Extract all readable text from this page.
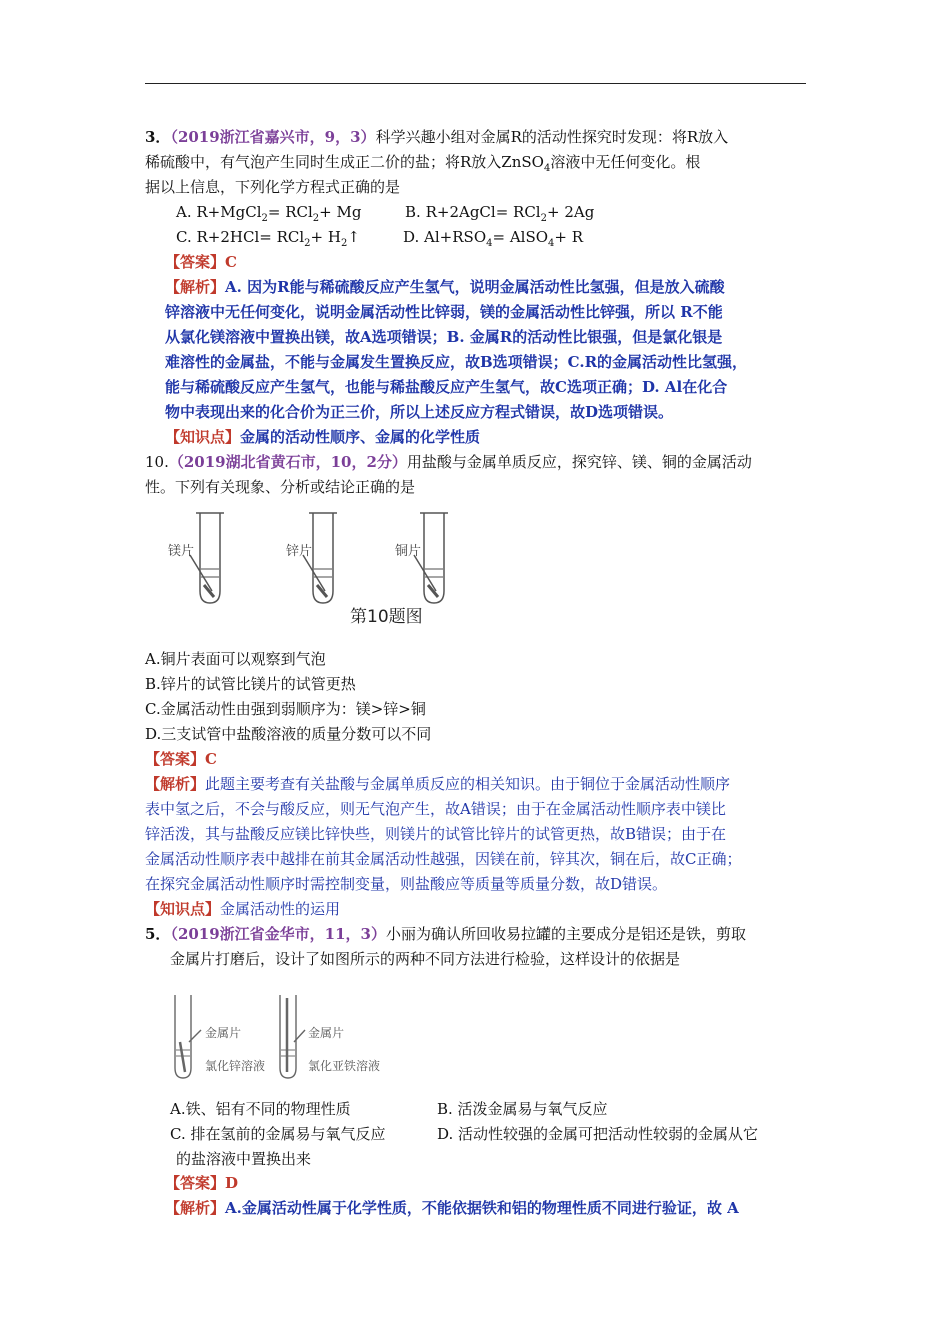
3．（2019浙江省嘉兴市，9，3）科学兴趣小组对金属R的活动性探究时发现：将R放入
稀硫酸中，有气泡产生同时生成正二价的盐；将R放入ZnSO$_4$溶液中无任何变化。根
据以上信息，下列化学方程式正确的是
A. R+MgCl$_2$= RCl$_2$+ Mg	B. R+2AgCl= RCl$_2$+ 2Ag
C. $R+2HCl= RCl_2+ H_2↑$	D. $Al+RSO_4=$ AlSO$_4$+ R
【答案】C
【解析】A. 因为R能与稀硫酸反应产生氢气，说明金属活动性比氢强，但是放入硫酸
锌溶液中无任何变化，说明金属活动性比锌弱，镁的金属活动性比锌强，所以 R不能
从氯化镁溶液中置换出镁，故A选项错误；B. 金属R的活动性比银强，但是氯化银是
难溶性的金属盐，不能与金属发生置换反应，故B选项错误；C.R的金属活动性比氢强，
能与稀硫酸反应产生氢气，也能与稀盐酸反应产生氢气，故C选项正确；D. Al在化合
物中表现出来的化合价为正三价，所以上述反应方程式错误，故D选项错误。
【知识点】金属的活动性顺序、金属的化学性质
10.（2019湖北省黄石市，10，2分）用盐酸与金属单质反应，探究锌、镁、铜的金属活动
性。下列有关现象、分析或结论正确的是
镁片	锌片	铜片
第10题图
A.铜片表面可以观察到气泡
B.锌片的试管比镁片的试管更热
C.金属活动性由强到弱顺序为：镁>锌>铜
D.三支试管中盐酸溶液的质量分数可以不同
【答案】C
【解析】此题主要考查有关盐酸与金属单质反应的相关知识。由于铜位于金属活动性顺序
表中氢之后，不会与酸反应，则无气泡产生，故A错误；由于在金属活动性顺序表中镁比
锌活泼，其与盐酸反应镁比锌快些，则镁片的试管比锌片的试管更热，故B错误；由于在
金属活动性顺序表中越排在前其金属活动性越强，因镁在前，锌其次，铜在后，故C正确；
在探究金属活动性顺序时需控制变量，则盐酸应等质量等质量分数，故D错误。
【知识点】金属活动性的运用
5．（2019浙江省金华市，11，3）小丽为确认所回收易拉罐的主要成分是铝还是铁，剪取
金属片打磨后，设计了如图所示的两种不同方法进行检验，这样设计的依据是
金属片
氯化锌溶液
金属片
氯化亚铁溶液
A.铁、铝有不同的物理性质	B. 活泼金属易与氧气反应
C. 排在氢前的金属易与氧气反应	D. 活动性较强的金属可把活动性较弱的金属从它
的盐溶液中置换出来
【答案】D
【解析】A.金属活动性属于化学性质，不能依据铁和铝的物理性质不同进行验证，故 A
